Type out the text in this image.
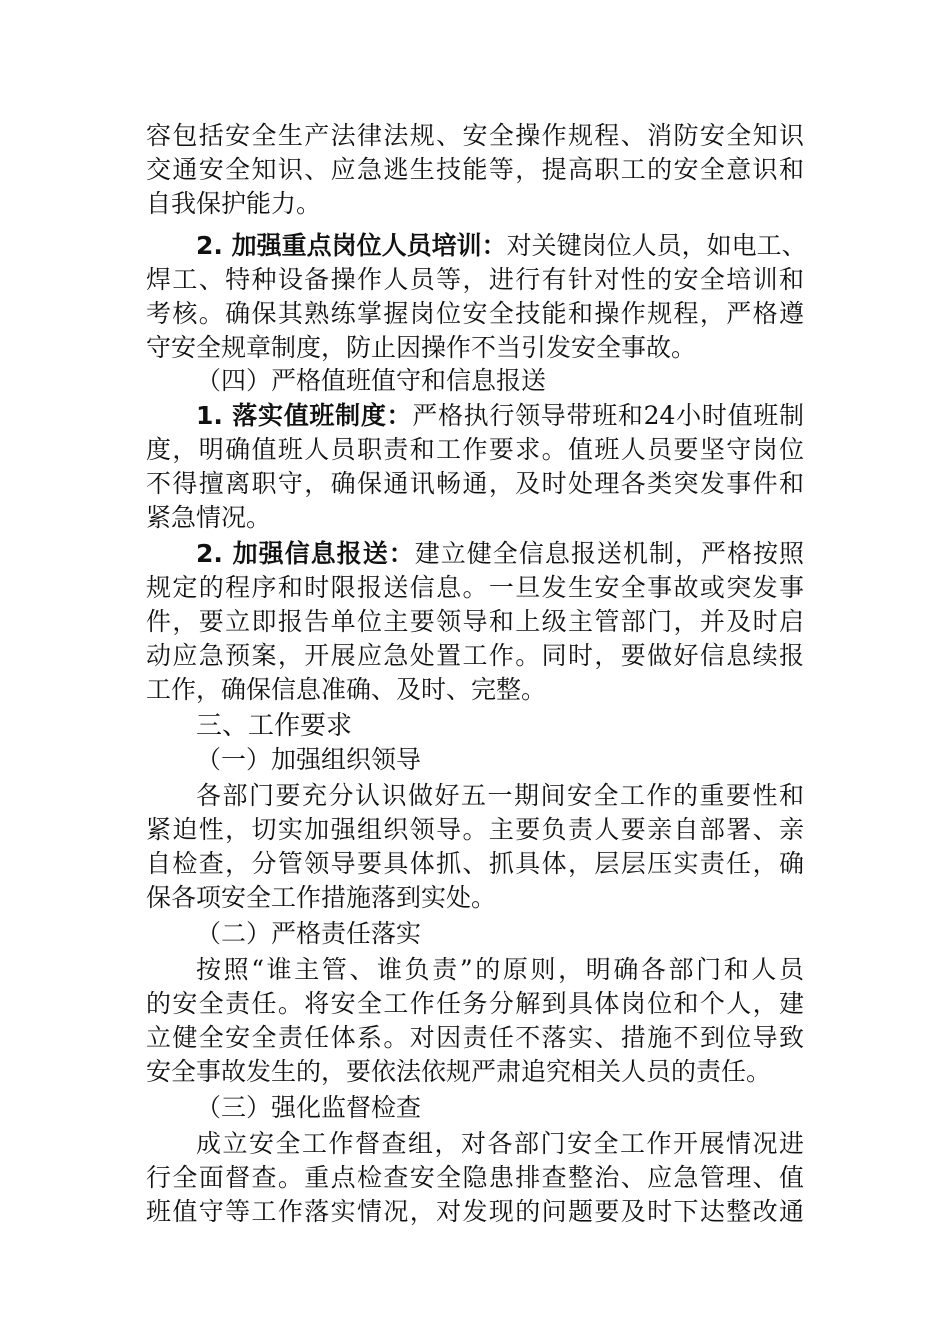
容包括安全生产法律法规、安全操作规程、消防安全知识
交通安全知识、应急逃生技能等，提高职工的安全意识和
自我保护能力。
2. 加强重点岗位人员培训：对关键岗位人员，如电工、
焊工、特种设备操作人员等，进行有针对性的安全培训和
考核。确保其熟练掌握岗位安全技能和操作规程，严格遵
守安全规章制度，防止因操作不当引发安全事故。
（四）严格值班值守和信息报送
1. 落实值班制度：严格执行领导带班和24小时值班制
度，明确值班人员职责和工作要求。值班人员要坚守岗位
不得擅离职守，确保通讯畅通，及时处理各类突发事件和
紧急情况。
2. 加强信息报送：建立健全信息报送机制，严格按照
规定的程序和时限报送信息。一旦发生安全事故或突发事
件，要立即报告单位主要领导和上级主管部门，并及时启
动应急预案，开展应急处置工作。同时，要做好信息续报
工作，确保信息准确、及时、完整。
三、工作要求
（一）加强组织领导
各部门要充分认识做好五一期间安全工作的重要性和
紧迫性，切实加强组织领导。主要负责人要亲自部署、亲
自检查，分管领导要具体抓、抓具体，层层压实责任，确
保各项安全工作措施落到实处。
（二）严格责任落实
按照“谁主管、谁负责”的原则，明确各部门和人员
的安全责任。将安全工作任务分解到具体岗位和个人，建
立健全安全责任体系。对因责任不落实、措施不到位导致
安全事故发生的，要依法依规严肃追究相关人员的责任。
（三）强化监督检查
成立安全工作督查组，对各部门安全工作开展情况进
行全面督查。重点检查安全隐患排查整治、应急管理、值
班值守等工作落实情况，对发现的问题要及时下达整改通
